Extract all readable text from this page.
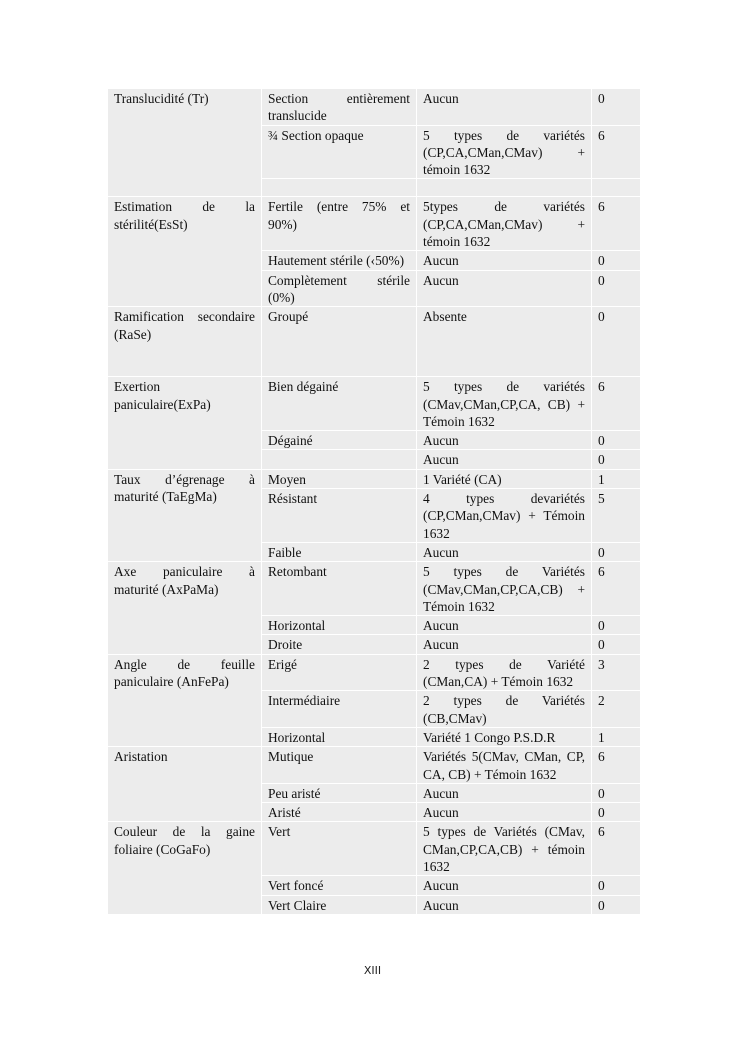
Translucidité (Tr)	Section entièrement translucide	Aucun	0
	¾ Section opaque	5 types de variétés (CP,CA,CMan,CMav) + témoin 1632	6

Estimation de la stérilité(EsSt)	Fertile (entre 75% et 90%)	5types de variétés (CP,CA,CMan,CMav) + témoin 1632	6
	Hautement stérile (‹50%)	Aucun	0
	Complètement stérile (0%)	Aucun	0
Ramification secondaire (RaSe)	Groupé	Absente	0
Exertion paniculaire(ExPa)	Bien dégainé	5 types de variétés (CMav,CMan,CP,CA, CB) + Témoin 1632	6
	Dégainé	Aucun	0
		Aucun	0
Taux d’égrenage à maturité (TaEgMa)	Moyen	1 Variété (CA)	1
	Résistant	4 types devariétés (CP,CMan,CMav) + Témoin 1632	5
	Faible	Aucun	0
Axe paniculaire à maturité (AxPaMa)	Retombant	5 types de Variétés (CMav,CMan,CP,CA,CB) + Témoin 1632	6
	Horizontal	Aucun	0
	Droite	Aucun	0
Angle de feuille paniculaire (AnFePa)	Erigé	2 types de Variété (CMan,CA) + Témoin 1632	3
	Intermédiaire	2 types de Variétés (CB,CMav)	2
	Horizontal	Variété 1 Congo P.S.D.R	1
Aristation	Mutique	Variétés 5(CMav, CMan, CP, CA, CB) + Témoin 1632	6
	Peu aristé	Aucun	0
	Aristé	Aucun	0
Couleur de la gaine foliaire (CoGaFo)	Vert	5 types de Variétés (CMav, CMan,CP,CA,CB) + témoin 1632	6
	Vert foncé	Aucun	0
	Vert Claire	Aucun	0
XIII
